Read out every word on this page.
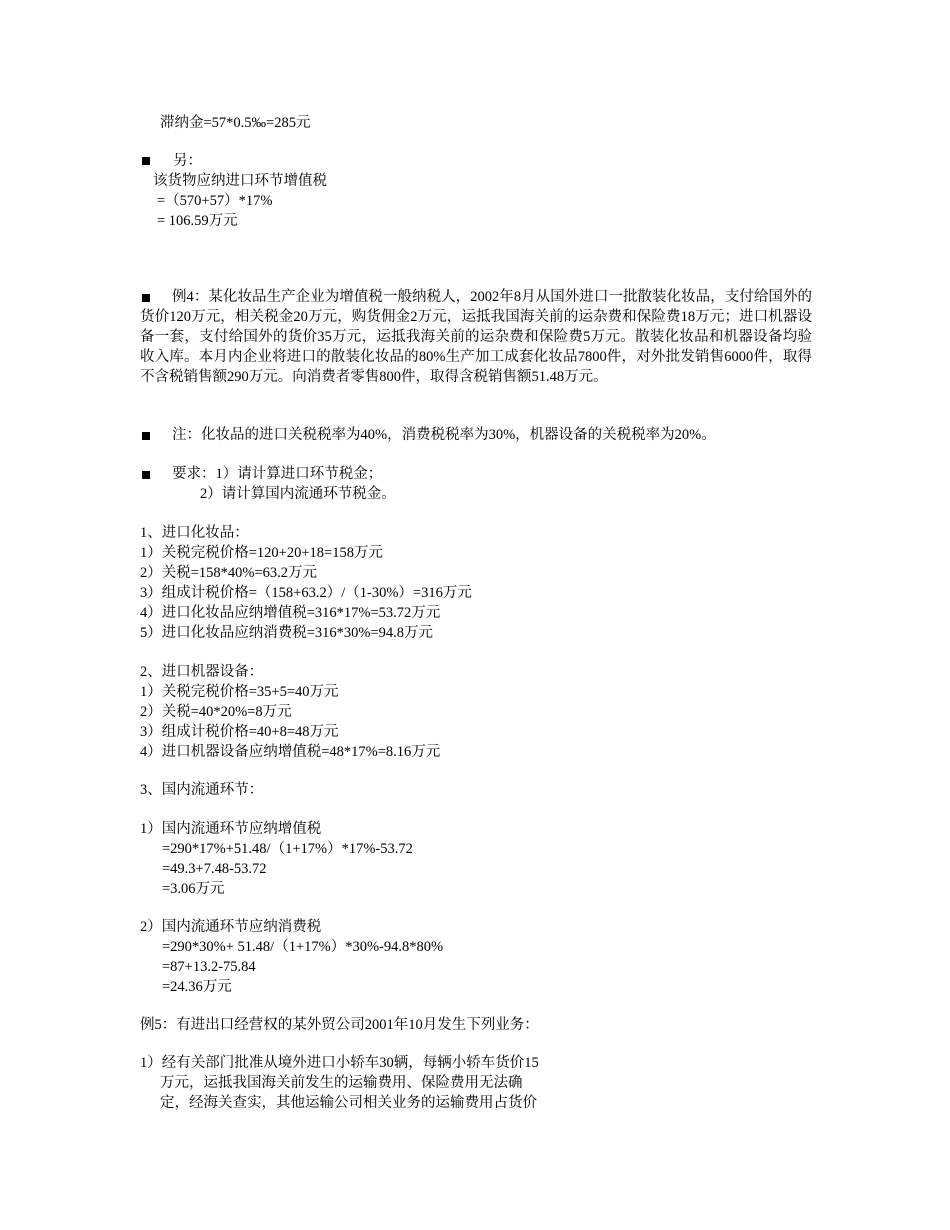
滞纳金=57*0.5‰=285元
另：
该货物应纳进口环节增值税
=（570+57）*17%
= 106.59万元
例4：某化妆品生产企业为增值税一般纳税人，2002年8月从国外进口一批散装化妆品，支付给国外的货价120万元，相关税金20万元，购货佣金2万元，运抵我国海关前的运杂费和保险费18万元；进口机器设备一套，支付给国外的货价35万元，运抵我海关前的运杂费和保险费5万元。散装化妆品和机器设备均验收入库。本月内企业将进口的散装化妆品的80%生产加工成套化妆品7800件，对外批发销售6000件，取得不含税销售额290万元。向消费者零售800件，取得含税销售额51.48万元。
注：化妆品的进口关税税率为40%，消费税税率为30%，机器设备的关税税率为20%。
要求：1）请计算进口环节税金；
2）请计算国内流通环节税金。
1、进口化妆品：
1）关税完税价格=120+20+18=158万元
2）关税=158*40%=63.2万元
3）组成计税价格=（158+63.2）/（1-30%）=316万元
4）进口化妆品应纳增值税=316*17%=53.72万元
5）进口化妆品应纳消费税=316*30%=94.8万元
2、进口机器设备：
1）关税完税价格=35+5=40万元
2）关税=40*20%=8万元
3）组成计税价格=40+8=48万元
4）进口机器设备应纳增值税=48*17%=8.16万元
3、国内流通环节：
1）国内流通环节应纳增值税
=290*17%+51.48/（1+17%）*17%-53.72
=49.3+7.48-53.72
=3.06万元
2）国内流通环节应纳消费税
=290*30%+ 51.48/（1+17%）*30%-94.8*80%
=87+13.2-75.84
=24.36万元
例5：有进出口经营权的某外贸公司2001年10月发生下列业务：
1）经有关部门批准从境外进口小轿车30辆，每辆小轿车货价15
万元，运抵我国海关前发生的运输费用、保险费用无法确
定，经海关查实，其他运输公司相关业务的运输费用占货价
